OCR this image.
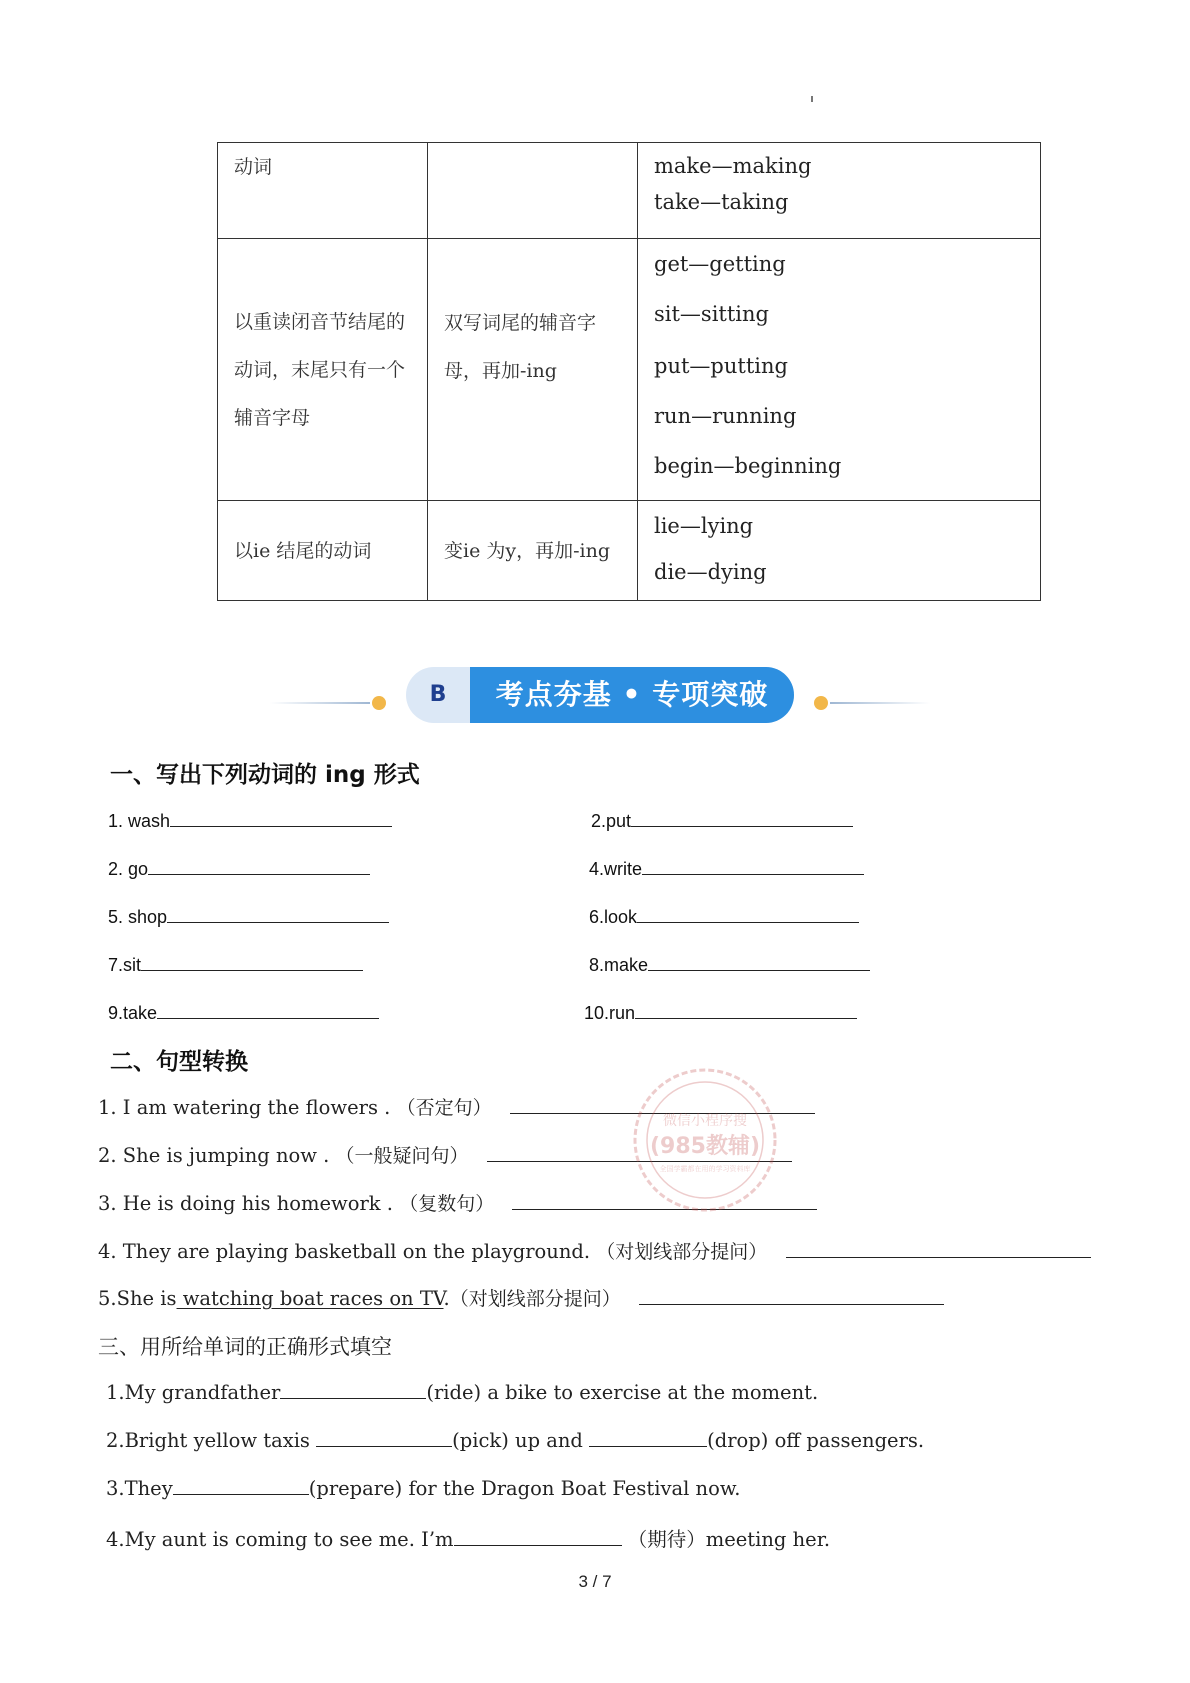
动词		make—making
take—taking

以重读闭音节结尾的动词，末尾只有一个辅音字母	双写词尾的辅音字母，再加-ing	get—getting
sit—sitting
put—putting
run—running
begin—beginning

以ie 结尾的动词	变ie 为y，再加-ing	lie—lying
die—dying
B	考点夯基 • 专项突破
一、写出下列动词的 ing 形式
1. wash	2.put
2. go	4.write
5. shop	6.look
7.sit	8.make
9.take	10.run
二、句型转换
1. I am watering the flowers . （否定句）
2. She is jumping now . （一般疑问句）
3. He is doing his homework . （复数句）
4. They are playing basketball on the playground. （对划线部分提问）
5.She is watching boat races on TV.（对划线部分提问）
三、用所给单词的正确形式填空
1.My grandfather	(ride) a bike to exercise at the moment.
2.Bright yellow taxis	(pick) up and	(drop) off passengers.
3.They	(prepare) for the Dragon Boat Festival now.
4.My aunt is coming to see me. I’m	（期待）meeting her.
微信小程序搜
(985教辅)
全国学霸都在用的学习资料库
3 / 7
